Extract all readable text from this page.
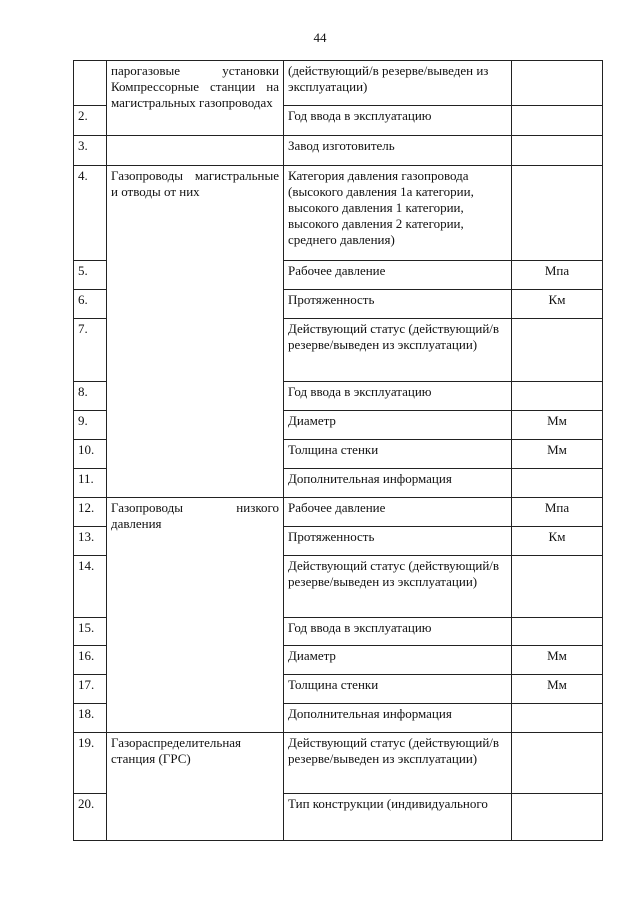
44
	парогазовые установки Компрессорные станции на магистральных газопроводах	(действующий/в резерве/выведен из эксплуатации)	
2.		Год ввода в эксплуатацию	
3.		Завод изготовитель	
4.	Газопроводы магистральные и отводы от них	Категория давления газопровода (высокого давления 1а категории, высокого давления 1 категории, высокого давления 2 категории, среднего давления)	
5.		Рабочее давление	Мпа
6.		Протяженность	Км
7.		Действующий статус (действующий/в резерве/выведен из эксплуатации)	
8.		Год ввода в эксплуатацию	
9.		Диаметр	Мм
10.		Толщина стенки	Мм
11.		Дополнительная информация	
12.	Газопроводы низкого давления	Рабочее давление	Мпа
13.		Протяженность	Км
14.		Действующий статус (действующий/в резерве/выведен из эксплуатации)	
15.		Год ввода в эксплуатацию	
16.		Диаметр	Мм
17.		Толщина стенки	Мм
18.		Дополнительная информация	
19.	Газораспределительная станция (ГРС)	Действующий статус (действующий/в резерве/выведен из эксплуатации)	
20.		Тип конструкции (индивидуального	
